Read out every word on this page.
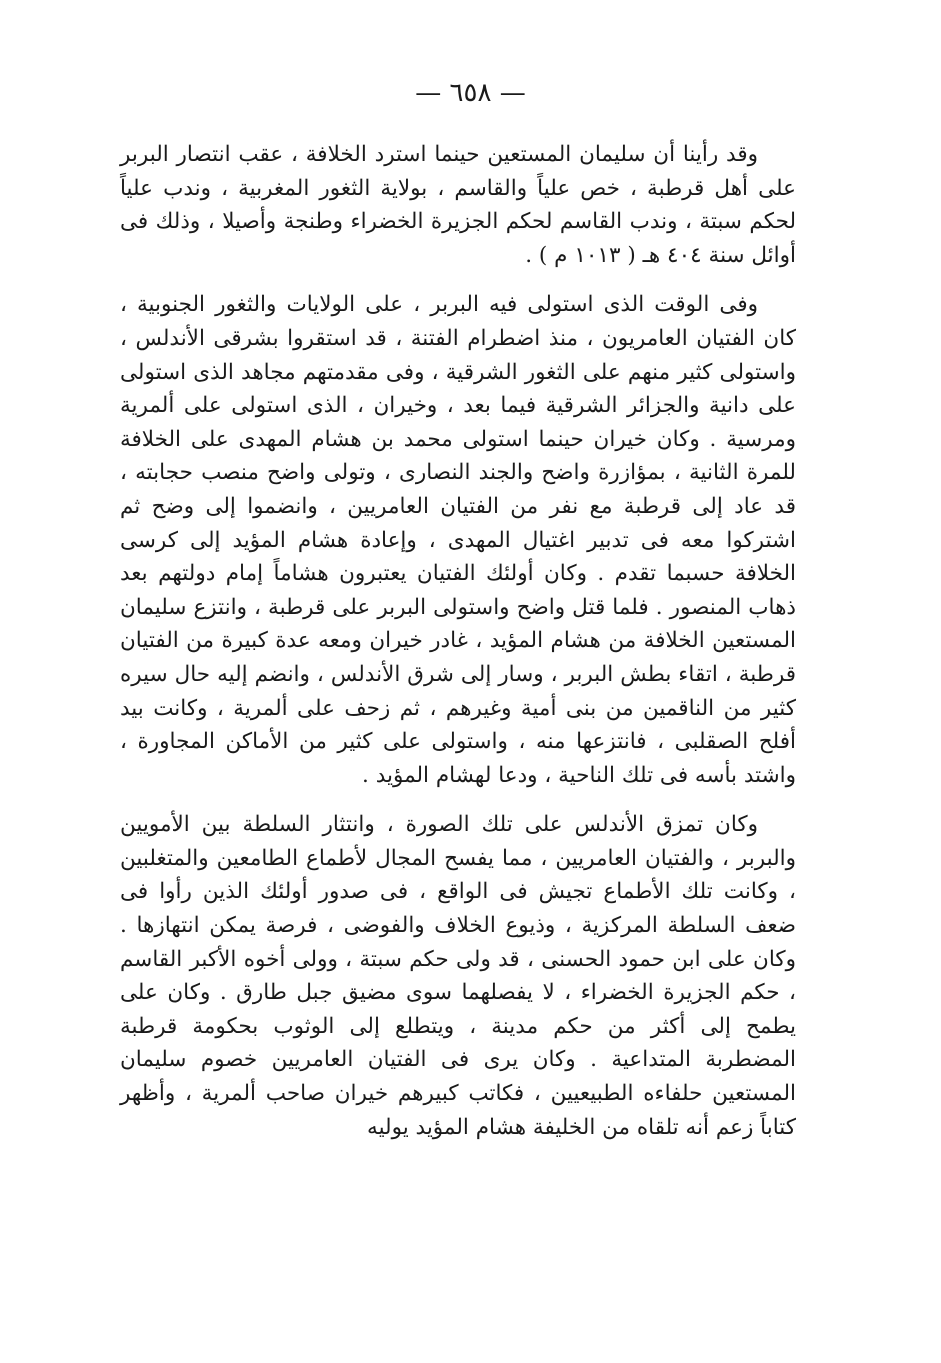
— ٦٥٨ —

وقد رأينا أن سليمان المستعين حينما استرد الخلافة ، عقب انتصار البربر على أهل قرطبة ، خص علياً والقاسم ، بولاية الثغور المغربية ، وندب علياً لحكم سبتة ، وندب القاسم لحكم الجزيرة الخضراء وطنجة وأصيلا ، وذلك فى أوائل سنة ٤٠٤ هـ ( ١٠١٣ م ) .

وفى الوقت الذى استولى فيه البربر ، على الولايات والثغور الجنوبية ، كان الفتيان العامريون ، منذ اضطرام الفتنة ، قد استقروا بشرقى الأندلس ، واستولى كثير منهم على الثغور الشرقية ، وفى مقدمتهم مجاهد الذى استولى على دانية والجزائر الشرقية فيما بعد ، وخيران ، الذى استولى على ألمرية ومرسية . وكان خيران حينما استولى محمد بن هشام المهدى على الخلافة للمرة الثانية ، بمؤازرة واضح والجند النصارى ، وتولى واضح منصب حجابته ، قد عاد إلى قرطبة مع نفر من الفتيان العامريين ، وانضموا إلى وضح ثم اشتركوا معه فى تدبير اغتيال المهدى ، وإعادة هشام المؤيد إلى كرسى الخلافة حسبما تقدم . وكان أولئك الفتيان يعتبرون هشاماً إمام دولتهم بعد ذهاب المنصور . فلما قتل واضح واستولى البربر على قرطبة ، وانتزع سليمان المستعين الخلافة من هشام المؤيد ، غادر خيران ومعه عدة كبيرة من الفتيان قرطبة ، اتقاء بطش البربر ، وسار إلى شرق الأندلس ، وانضم إليه حال سيره كثير من الناقمين من بنى أمية وغيرهم ، ثم زحف على ألمرية ، وكانت بيد أفلح الصقلبى ، فانتزعها منه ، واستولى على كثير من الأماكن المجاورة ، واشتد بأسه فى تلك الناحية ، ودعا لهشام المؤيد .

وكان تمزق الأندلس على تلك الصورة ، وانتثار السلطة بين الأمويين والبربر ، والفتيان العامريين ، مما يفسح المجال لأطماع الطامعين والمتغلبين ، وكانت تلك الأطماع تجيش فى الواقع ، فى صدور أولئك الذين رأوا فى ضعف السلطة المركزية ، وذيوع الخلاف والفوضى ، فرصة يمكن انتهازها . وكان على ابن حمود الحسنى ، قد ولى حكم سبتة ، وولى أخوه الأكبر القاسم ، حكم الجزيرة الخضراء ، لا يفصلهما سوى مضيق جبل طارق . وكان على يطمح إلى أكثر من حكم مدينة ، ويتطلع إلى الوثوب بحكومة قرطبة المضطربة المتداعية . وكان يرى فى الفتيان العامريين خصوم سليمان المستعين حلفاءه الطبيعيين ، فكاتب كبيرهم خيران صاحب ألمرية ، وأظهر كتاباً زعم أنه تلقاه من الخليفة هشام المؤيد يوليه
